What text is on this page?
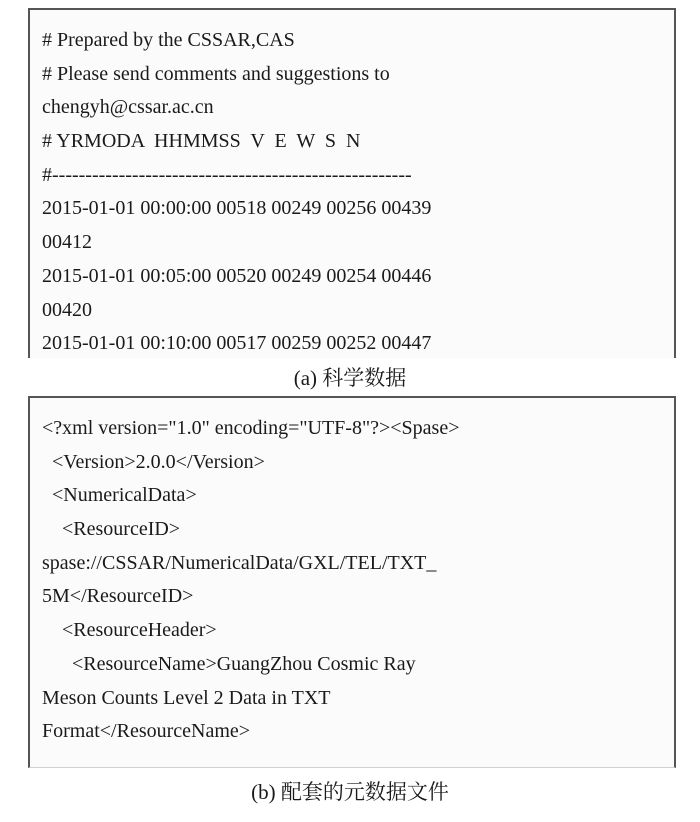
# Prepared by the CSSAR,CAS
# Please send comments and suggestions to
chengyh@cssar.ac.cn
# YRMODA  HHMMSS  V  E  W  S  N
#------------------------------------------------------
2015-01-01 00:00:00 00518 00249 00256 00439
00412
2015-01-01 00:05:00 00520 00249 00254 00446
00420
2015-01-01 00:10:00 00517 00259 00252 00447
(a) 科学数据
<?xml version="1.0" encoding="UTF-8"?><Spase>
<Version>2.0.0</Version>
<NumericalData>
<ResourceID>
spase://CSSAR/NumericalData/GXL/TEL/TXT_
5M</ResourceID>
<ResourceHeader>
<ResourceName>GuangZhou Cosmic Ray
Meson Counts Level 2 Data in TXT
Format</ResourceName>
(b) 配套的元数据文件
